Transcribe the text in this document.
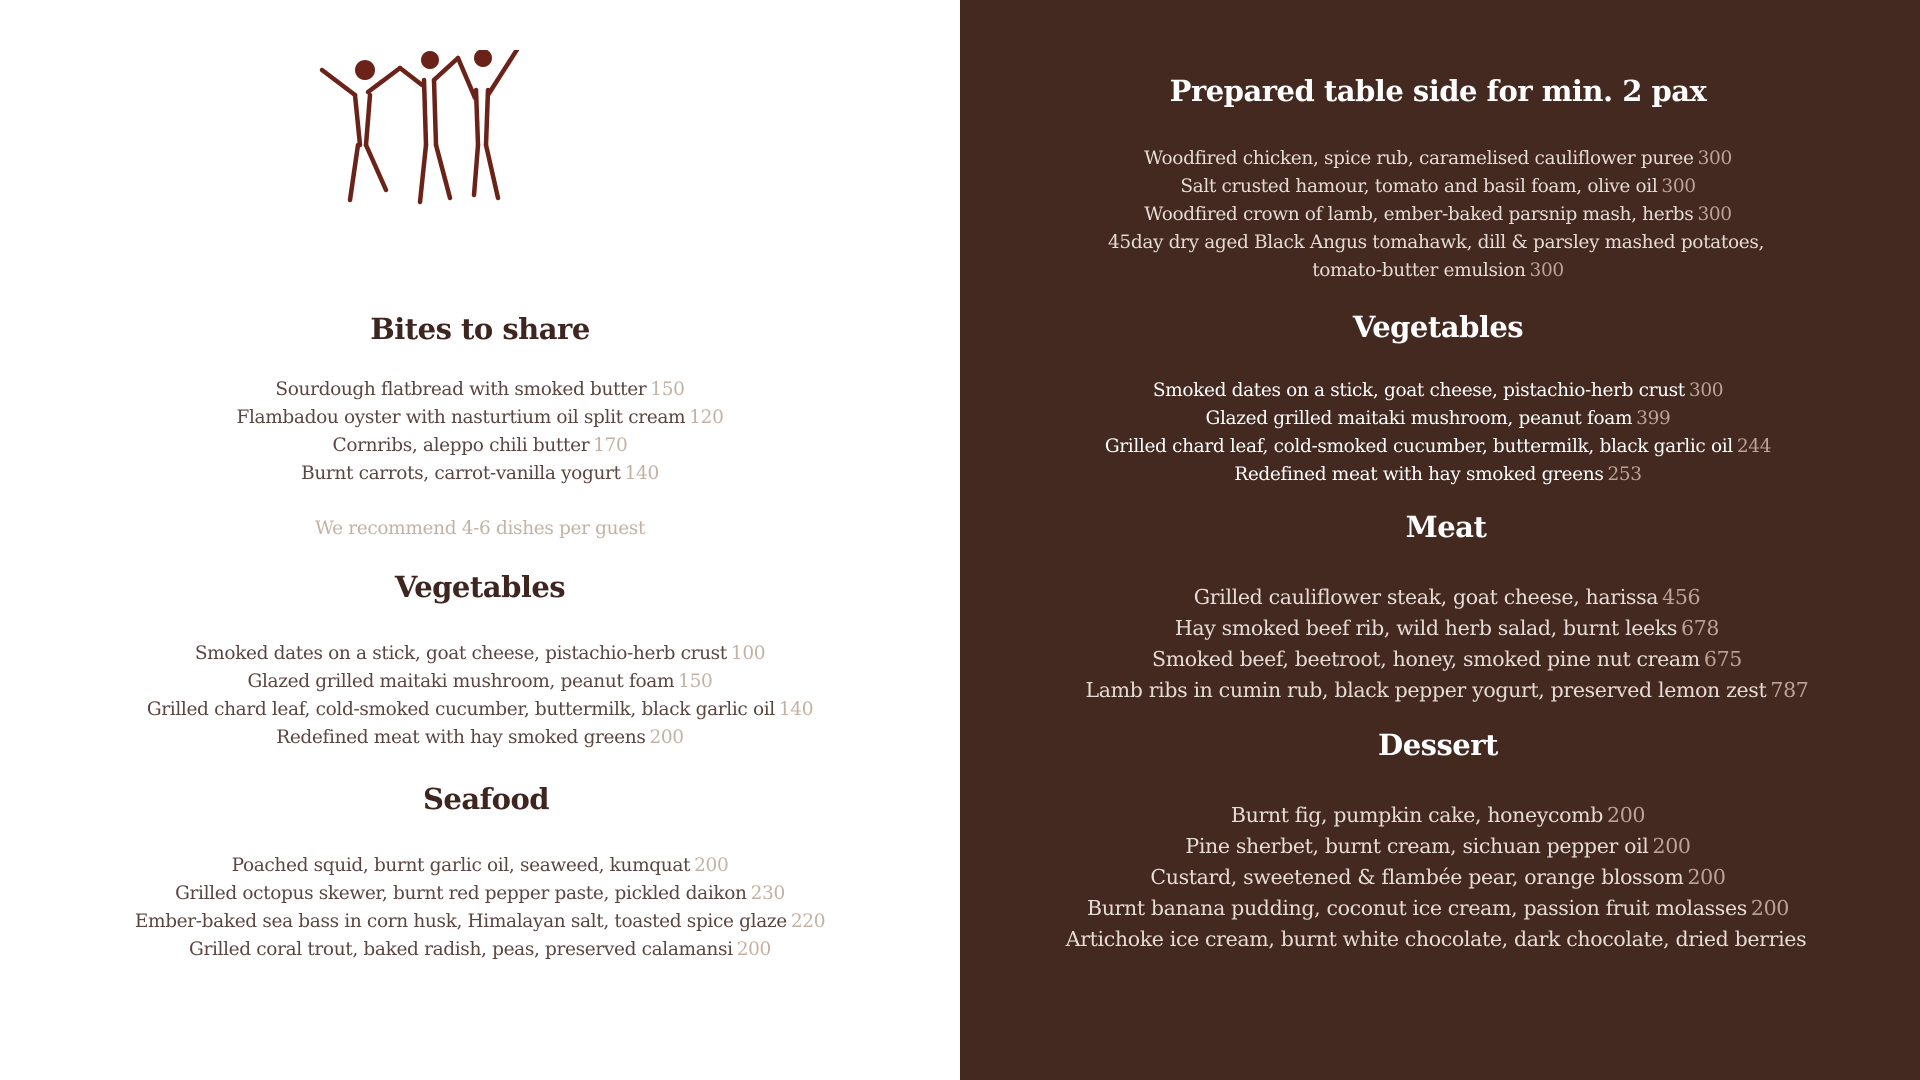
Bites to share
Sourdough flatbread with smoked butter 150
Flambadou oyster with nasturtium oil split cream 120
Cornribs, aleppo chili butter 170
Burnt carrots, carrot-vanilla yogurt 140
We recommend 4-6 dishes per guest
Vegetables
Smoked dates on a stick, goat cheese, pistachio-herb crust 100
Glazed grilled maitaki mushroom, peanut foam 150
Grilled chard leaf, cold-smoked cucumber, buttermilk, black garlic oil 140
Redefined meat with hay smoked greens 200
Seafood
Poached squid, burnt garlic oil, seaweed, kumquat 200
Grilled octopus skewer, burnt red pepper paste, pickled daikon 230
Ember-baked sea bass in corn husk, Himalayan salt, toasted spice glaze 220
Grilled coral trout, baked radish, peas, preserved calamansi 200
Prepared table side for min. 2 pax
Woodfired chicken, spice rub, caramelised cauliflower puree 300
Salt crusted hamour, tomato and basil foam, olive oil 300
Woodfired crown of lamb, ember-baked parsnip mash, herbs 300
45day dry aged Black Angus tomahawk, dill & parsley mashed potatoes,
tomato-butter emulsion 300
Vegetables
Smoked dates on a stick, goat cheese, pistachio-herb crust 300
Glazed grilled maitaki mushroom, peanut foam 399
Grilled chard leaf, cold-smoked cucumber, buttermilk, black garlic oil 244
Redefined meat with hay smoked greens 253
Meat
Grilled cauliflower steak, goat cheese, harissa 456
Hay smoked beef rib, wild herb salad, burnt leeks 678
Smoked beef, beetroot, honey, smoked pine nut cream 675
Lamb ribs in cumin rub, black pepper yogurt, preserved lemon zest 787
Dessert
Burnt fig, pumpkin cake, honeycomb 200
Pine sherbet, burnt cream, sichuan pepper oil 200
Custard, sweetened & flambée pear, orange blossom 200
Burnt banana pudding, coconut ice cream, passion fruit molasses 200
Artichoke ice cream, burnt white chocolate, dark chocolate, dried berries
